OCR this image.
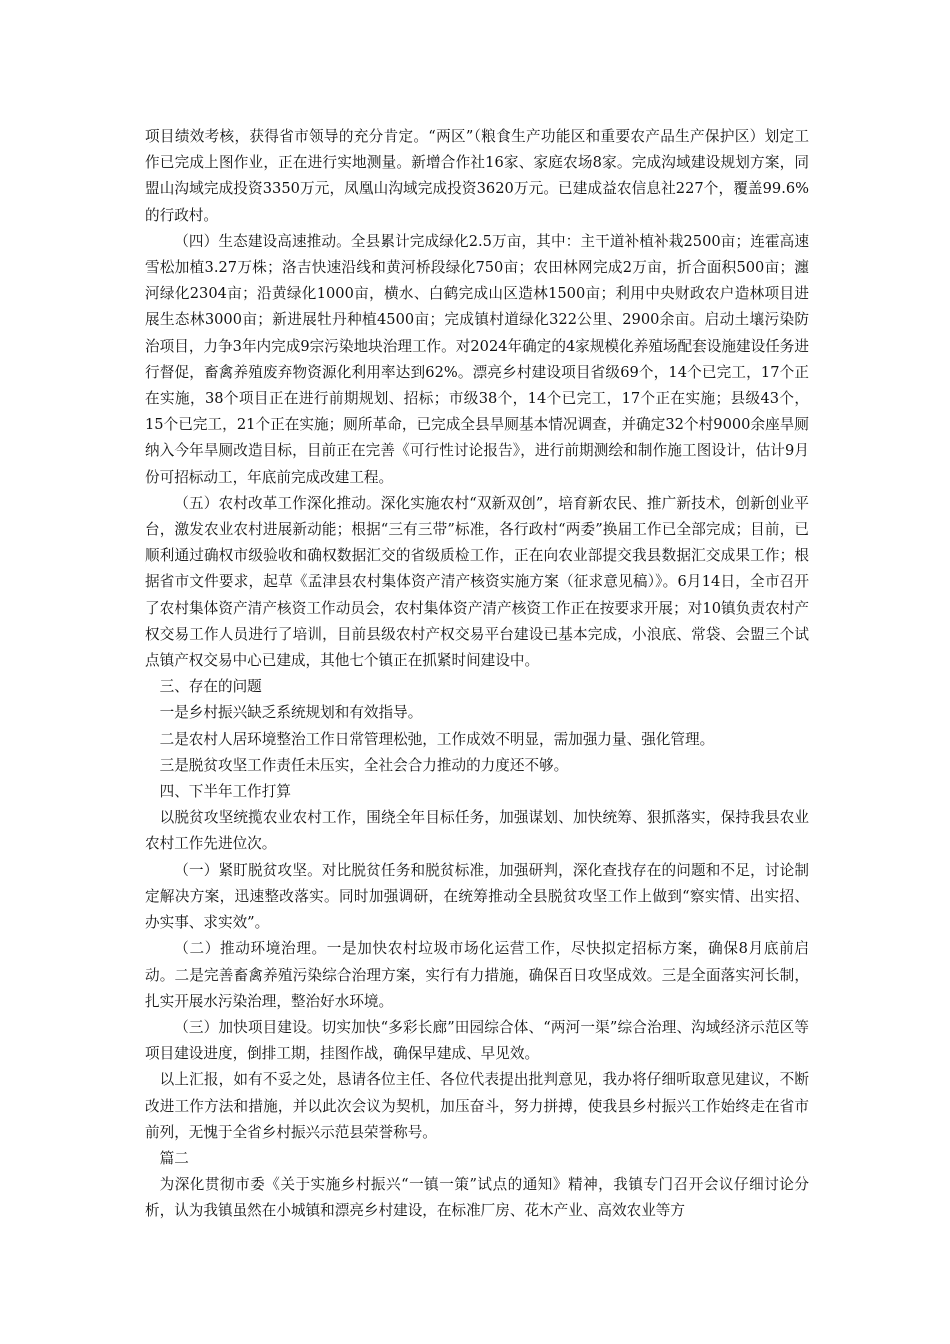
项目绩效考核，获得省市领导的充分肯定。“两区”（粮食生产功能区和重要农产品生产保护区）划定工作已完成上图作业，正在进行实地测量。新增合作社16家、家庭农场8家。完成沟域建设规划方案，同盟山沟域完成投资3350万元，凤凰山沟域完成投资3620万元。已建成益农信息社227个，覆盖99.6%的行政村。

（四）生态建设高速推动。全县累计完成绿化2.5万亩，其中：主干道补植补栽2500亩；连霍高速雪松加植3.27万株；洛吉快速沿线和黄河桥段绿化750亩；农田林网完成2万亩，折合面积500亩；瀍河绿化2304亩；沿黄绿化1000亩，横水、白鹤完成山区造林1500亩；利用中央财政农户造林项目进展生态林3000亩；新进展牡丹种植4500亩；完成镇村道绿化322公里、2900余亩。启动土壤污染防治项目，力争3年内完成9宗污染地块治理工作。对2024年确定的4家规模化养殖场配套设施建设任务进行督促，畜禽养殖废弃物资源化利用率达到62%。漂亮乡村建设项目省级69个，14个已完工，17个正在实施，38个项目正在进行前期规划、招标；市级38个，14个已完工，17个正在实施；县级43个，15个已完工，21个正在实施；厕所革命，已完成全县旱厕基本情况调查，并确定32个村9000余座旱厕纳入今年旱厕改造目标，目前正在完善《可行性讨论报告》，进行前期测绘和制作施工图设计，估计9月份可招标动工，年底前完成改建工程。

（五）农村改革工作深化推动。深化实施农村“双新双创”，培育新农民、推广新技术，创新创业平台，激发农业农村进展新动能；根据“三有三带”标准，各行政村“两委”换届工作已全部完成；目前，已顺利通过确权市级验收和确权数据汇交的省级质检工作，正在向农业部提交我县数据汇交成果工作；根据省市文件要求，起草《孟津县农村集体资产清产核资实施方案（征求意见稿）》。6月14日，全市召开了农村集体资产清产核资工作动员会，农村集体资产清产核资工作正在按要求开展；对10镇负责农村产权交易工作人员进行了培训，目前县级农村产权交易平台建设已基本完成，小浪底、常袋、会盟三个试点镇产权交易中心已建成，其他七个镇正在抓紧时间建设中。

三、存在的问题

一是乡村振兴缺乏系统规划和有效指导。

二是农村人居环境整治工作日常管理松弛，工作成效不明显，需加强力量、强化管理。

三是脱贫攻坚工作责任未压实，全社会合力推动的力度还不够。

四、下半年工作打算

以脱贫攻坚统揽农业农村工作，围绕全年目标任务，加强谋划、加快统筹、狠抓落实，保持我县农业农村工作先进位次。

（一）紧盯脱贫攻坚。对比脱贫任务和脱贫标准，加强研判，深化查找存在的问题和不足，讨论制定解决方案，迅速整改落实。同时加强调研，在统筹推动全县脱贫攻坚工作上做到“察实情、出实招、办实事、求实效”。

（二）推动环境治理。一是加快农村垃圾市场化运营工作，尽快拟定招标方案，确保8月底前启动。二是完善畜禽养殖污染综合治理方案，实行有力措施，确保百日攻坚成效。三是全面落实河长制，扎实开展水污染治理，整治好水环境。

（三）加快项目建设。切实加快“多彩长廊”田园综合体、“两河一渠”综合治理、沟域经济示范区等项目建设进度，倒排工期，挂图作战，确保早建成、早见效。

以上汇报，如有不妥之处，恳请各位主任、各位代表提出批判意见，我办将仔细听取意见建议，不断改进工作方法和措施，并以此次会议为契机，加压奋斗，努力拼搏，使我县乡村振兴工作始终走在省市前列，无愧于全省乡村振兴示范县荣誉称号。

篇二

为深化贯彻市委《关于实施乡村振兴“一镇一策”试点的通知》精神，我镇专门召开会议仔细讨论分析，认为我镇虽然在小城镇和漂亮乡村建设，在标准厂房、花木产业、高效农业等方
